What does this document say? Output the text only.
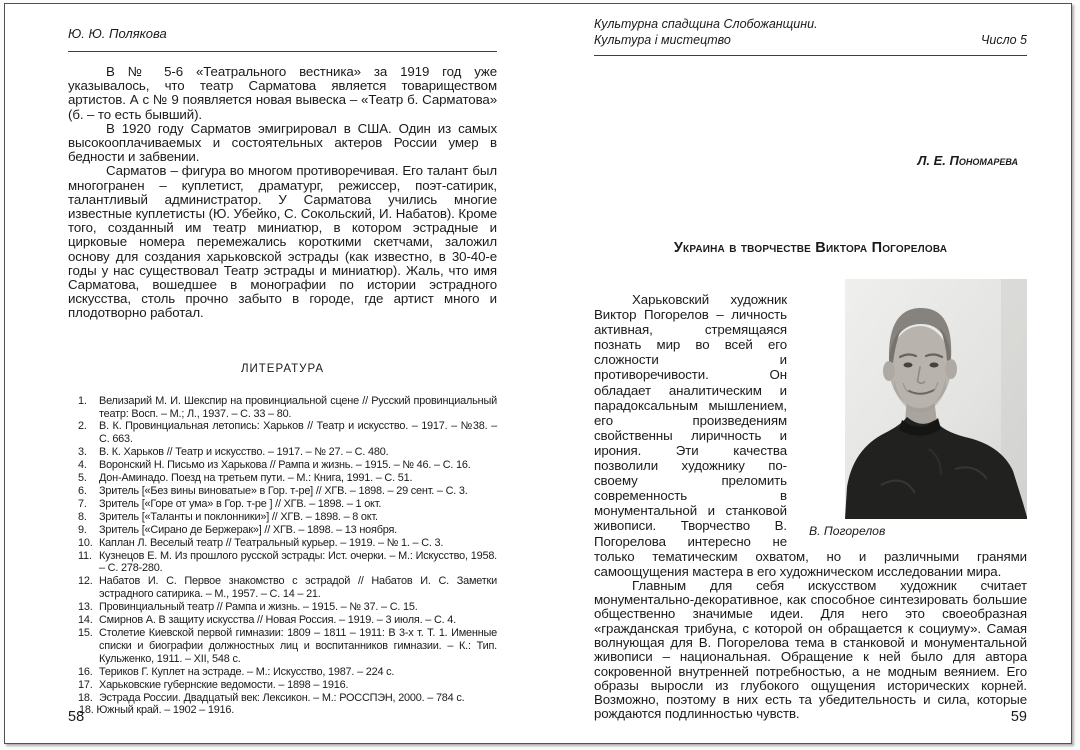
Ю. Ю. Полякова

В № 5-6 «Театрального вестника» за 1919 год уже указывалось, что театр Сарматова является товариществом артистов. А с № 9 появляется новая вывеска – «Театр б. Сарматова» (б. – то есть бывший).

В 1920 году Сарматов эмигрировал в США. Один из самых высокооплачиваемых и состоятельных актеров России умер в бедности и забвении.

Сарматов – фигура во многом противоречивая. Его талант был многогранен – куплетист, драматург, режиссер, поэт-сатирик, талантливый администратор. У Сарматова учились многие известные куплетисты (Ю. Убейко, С. Сокольский, И. Набатов). Кроме того, созданный им театр миниатюр, в котором эстрадные и цирковые номера перемежались короткими скетчами, заложил основу для создания харьковской эстрады (как известно, в 30-40-е годы у нас существовал Театр эстрады и миниатюр). Жаль, что имя Сарматова, вошедшее в монографии по истории эстрадного искусства, столь прочно забыто в городе, где артист много и плодотворно работал.

ЛИТЕРАТУРА
1.	Велизарий М. И. Шекспир на провинциальной сцене // Русский провинциальный театр: Восп. – М.; Л., 1937. – С. 33 – 80.
2.	В. К. Провинциальная летопись: Харьков // Театр и искусство. – 1917. – №38. – С. 663.
3.	В. К. Харьков // Театр и искусство. – 1917. – № 27. – С. 480.
4.	Воронский Н. Письмо из Харькова // Рампа и жизнь. – 1915. – № 46. – С. 16.
5.	Дон-Аминадо. Поезд на третьем пути. – М.: Книга, 1991. – С. 51.
6.	Зритель [«Без вины виноватые» в Гор. т-ре] // ХГВ. – 1898. – 29 сент. – С. 3.
7.	Зритель [«Горе от ума» в Гор. т-ре ] // ХГВ. – 1898. – 1 окт.
8.	Зритель [«Таланты и поклонники»] // ХГВ. – 1898. – 8 окт.
9.	Зритель [«Сирано де Бержерак»] // ХГВ. – 1898. – 13 ноября.
10. Каплан Л. Веселый театр // Театральный курьер. – 1919. – № 1. – С. 3.
11. Кузнецов Е. М. Из прошлого русской эстрады: Ист. очерки. – М.: Искусство, 1958. – С. 278-280.
12. Набатов И. С. Первое знакомство с эстрадой // Набатов И. С. Заметки эстрадного сатирика. – М., 1957. – С. 14 – 21.
13. Провинциальный театр // Рампа и жизнь. – 1915. – № 37. – С. 15.
14. Смирнов А. В защиту искусства // Новая Россия. – 1919. – 3 июля. – С. 4.
15. Столетие Киевской первой гимназии: 1809 – 1811 – 1911: В 3-х т. Т. 1. Именные списки и биографии должностных лиц и воспитанников гимназии. – К.: Тип. Кульженко, 1911. – XII, 548 с.
16. Териков Г. Куплет на эстраде. – М.: Искусство, 1987. – 224 с.
17. Харьковские губернские ведомости. – 1898 – 1916.
18. Эстрада России. Двадцатый век: Лексикон. – М.: РОССПЭН, 2000. – 784 с.
18. Южный край. – 1902 – 1916.
58
Культурна спадщина Слобожанщини.
Культура і мистецтво	Число 5
Л. Е. Пономарева
Украина в творчестве Виктора Погорелова
В. Погорелов

Харьковский художник Виктор Погорелов – личность активная, стремящаяся познать мир во всей его сложности и противоречивости. Он обладает аналитическим и парадоксальным мышлением, его произведениям свойственны лиричность и ирония. Эти качества позволили художнику по-своему преломить современность в монументальной и станковой живописи. Творчество В. Погорелова интересно не только тематическим охватом, но и различными гранями самоощущения мастера в его художническом исследовании мира.

Главным для себя искусством художник считает монументально-декоративное, как способное синтезировать большие общественно значимые идеи. Для него это своеобразная «гражданская трибуна, с которой он обращается к социуму». Самая волнующая для В. Погорелова тема в станковой и монументальной живописи – национальная. Обращение к ней было для автора сокровенной внутренней потребностью, а не модным веянием. Его образы выросли из глубокого ощущения исторических корней. Возможно, поэтому в них есть та убедительность и сила, которые рождаются подлинностью чувств.	59
